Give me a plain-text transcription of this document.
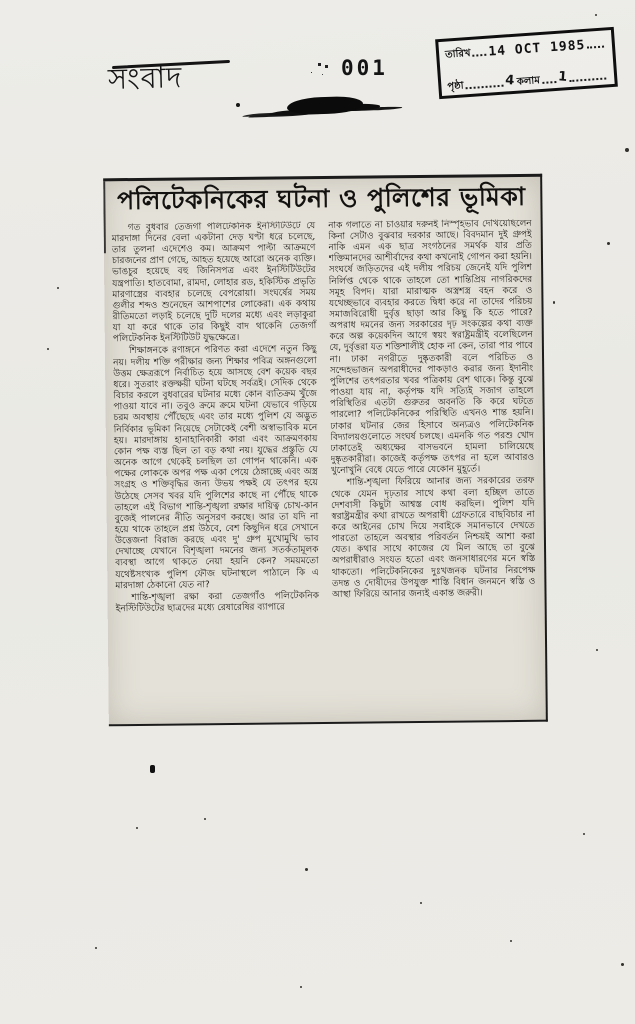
সংবাদ	001
তারিখ 14 OCT 1985
পৃষ্ঠা	4 কলাম 1
পলিটেকনিকের ঘটনা ও পুলিশের ভূমিকা

গত বুধবার তেজগাঁ পলিটেকনিক ইনস্টিটিউটে যে মারদাঙ্গা দিনের বেলা একটানা দেড় ঘণ্টা ধরে চলেছে, তার তুলনা এদেশেও কম। আক্রমণ পাল্টা আক্রমণে চারজনের প্রাণ গেছে, আহত হয়েছে আরো অনেক ব্যক্তি। ভাঙচুর হয়েছে বহু জিনিসপত্র এবং ইনস্টিটিউটের যন্ত্রপাতি। হাতবোমা, রামদা, লোহার রড, হকিস্টিক প্রভৃতি মারণাস্ত্রের ব্যবহার চলেছে বেপরোয়া। সংঘর্ষের সময় গুলীর শব্দও শুনেছেন আশপাশের লোকেরা। এক কথায় রীতিমতো লড়াই চলেছে দুটি দলের মধ্যে এবং লড়াকুরা যা যা করে থাকে তার কিছুই বাদ থাকেনি তেজগাঁ পলিটেকনিক ইনস্টিটিউট যুদ্ধক্ষেত্রে।

শিক্ষাঙ্গনকে রণাঙ্গনে পরিণত করা এদেশে নতুন কিছু নয়। দলীয় শক্তি পরীক্ষার জন্য শিক্ষার পবিত্র অঙ্গনগুলো উত্তম ক্ষেত্ররূপে নির্বাচিত হয়ে আসছে বেশ কয়েক বছর ধরে। সুতরাং রক্তক্ষয়ী ঘটনা ঘটছে সর্বত্রই। সেদিক থেকে বিচার করলে বুধবারের ঘটনার মধ্যে কোন ব্যতিক্রম খুঁজে পাওয়া যাবে না। তবুও ক্রমে ক্রমে ঘটনা যেভাবে গড়িয়ে চরম অবস্থায় পৌঁছেছে এবং তার মধ্যে পুলিশ যে অদ্ভুত নির্বিকার ভূমিকা নিয়েছে সেটাকেই বেশী অস্বাভাবিক মনে হয়। মারদাঙ্গায় হানাহানিকারী কারা এবং আক্রমণকায় কোন পক্ষ ব্যস্ত ছিল তা বড় কথা নয়। যুদ্ধের প্রস্তুতি যে অনেক আগে থেকেই চলছিল তা গোপন থাকেনি। এক পক্ষের লোককে অপর পক্ষ একা পেয়ে ঠেঙ্গাচ্ছে এবং অস্ত্র সংগ্রহ ও শক্তিবৃদ্ধির জন্য উভয় পক্ষই যে তৎপর হয়ে উঠেছে সেসব খবর যদি পুলিশের কাছে না পৌঁছে থাকে তাহলে এই বিভাগ শান্তি-শৃঙ্খলা রক্ষার দায়িত্ব চোখ-কান বুজেই পালনের নীতি অনুসরণ করছে। আর তা যদি না হয়ে থাকে তাহলে প্রশ্ন উঠবে, বেশ কিছুদিন ধরে সেখানে উত্তেজনা বিরাজ করছে এবং দু' গ্রুপ মুখোমুখি ভাব দেখাচ্ছে যেখানে বিশৃঙ্খলা দমনের জন্য সতর্কতামূলক ব্যবস্থা আগে থাকতে নেয়া হয়নি কেন? সময়মতো যথেষ্টসংখ্যক পুলিশ ফৌজ ঘটনাস্থলে পাঠালে কি এ মারদাঙ্গা ঠেকানো যেত না?

শান্তি-শৃঙ্খলা রক্ষা করা তেজগাঁও পলিটেকনিক ইনস্টিটিউটের ছাত্রদের মধ্যে রেষারেষির ব্যাপারে

নাক গলাতে না চাওয়ার দরুনই নিস্পৃহভাব দেখিয়েছিলেন কিনা সেটাও বুঝবার দরকার আছে। বিবদমান দুই গ্রুপই নাকি এমন এক ছাত্র সংগঠনের সমর্থক যার প্রতি শক্তিমানদের আশীর্বাদের কথা কখনোই গোপন করা হয়নি। সংঘর্ষে জড়িতদের এই দলীয় পরিচয় জেনেই যদি পুলিশ নির্লিপ্ত থেকে থাকে তাহলে তো শান্তিপ্রিয় নাগরিকদের সমূহ বিপদ। যারা মারাত্মক অস্ত্রশস্ত্র বহন করে ও যথেচ্ছভাবে ব্যবহার করতে দ্বিধা করে না তাদের পরিচয় সমাজবিরোধী দুর্বৃত্ত ছাড়া আর কিছু কি হতে পারে? অপরাধ দমনের জন্য সরকারের দৃঢ় সংকল্পের কথা ব্যক্ত করে অল্প কয়েকদিন আগে স্বয়ং স্বরাষ্ট্রমন্ত্রীই বলেছিলেন যে, দুর্বৃত্তরা যত শক্তিশালীই হোক না কেন, তারা পার পাবে না। ঢাকা নগরীতে দুষ্কৃতকারী বলে পরিচিত ও সন্দেহভাজন অপরাধীদের পাকড়াও করার জন্য ইদানীং পুলিশের তৎপরতার খবর পত্রিকায় বেশ থাকে। কিন্তু বুঝে পাওয়া যায় না, কর্তৃপক্ষ যদি সত্যিই সজাগ তাহলে পরিস্থিতির এতটা গুরুতর অবনতি কি করে ঘটতে পারলো? পলিটেকনিকের পরিস্থিতি এখনও শান্ত হয়নি। ঢাকার ঘটনার জের হিসাবে অন্যত্রও পলিটেকনিক বিদ্যালয়গুলোতে সংঘর্ষ চলছে। এমনকি গত পরশু খোদ ঢাকাতেই অধ্যক্ষের বাসভবনে হামলা চালিয়েছে দুষ্কৃতকারীরা। কাজেই কর্তৃপক্ষ তৎপর না হলে আবারও খুনোখুনি বেধে যেতে পারে যেকোন মুহূর্তে।

শান্তি-শৃঙ্খলা ফিরিয়ে আনার জন্য সরকারের তরফ থেকে যেমন দৃঢ়তার সাথে কথা বলা হচ্ছিল তাতে দেশবাসী কিছুটা আশ্বস্ত বোধ করছিল। পুলিশ যদি স্বরাষ্ট্রমন্ত্রীর কথা রাখতে অপরাধী গ্রেফতারে বাছবিচার না করে আইনের চোখ দিয়ে সবাইকে সমানভাবে দেখতে পারতো তাহলে অবস্থার পরিবর্তন নিশ্চয়ই আশা করা যেত। কথার সাথে কাজের যে মিল আছে তা বুঝে অপরাধীরাও সংযত হতো এবং জনসাধারণের মনে স্বস্তি থাকতো। পলিটেকনিকের দুঃখজনক ঘটনার নিরপেক্ষ তদন্ত ও দোষীদের উপযুক্ত শাস্তি বিধান জনমনে স্বস্তি ও আস্থা ফিরিয়ে আনার জন্যই একান্ত জরুরী।
